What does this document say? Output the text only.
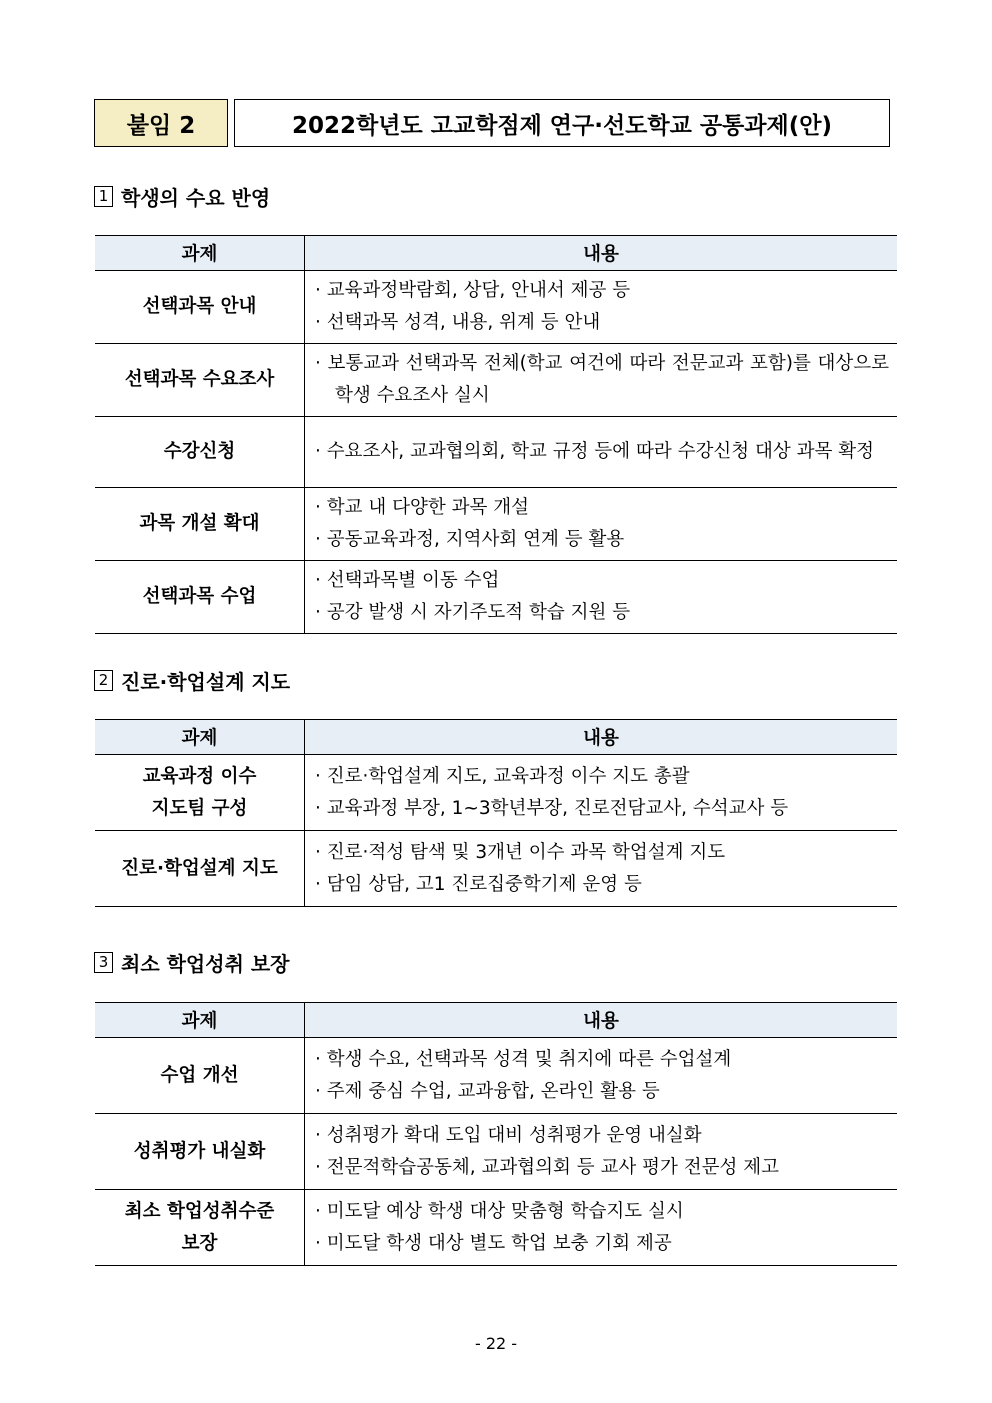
붙임 2	2022학년도 고교학점제 연구·선도학교 공통과제(안)
1 학생의 수요 반영
과제	내용
선택과목 안내	· 교육과정박람회, 상담, 안내서 제공 등
· 선택과목 성격, 내용, 위계 등 안내

선택과목 수요조사	· 보통교과 선택과목 전체(학교 여건에 따라 전문교과 포함)를 대상으로 학생 수요조사 실시

수강신청	· 수요조사, 교과협의회, 학교 규정 등에 따라 수강신청 대상 과목 확정

과목 개설 확대	· 학교 내 다양한 과목 개설
· 공동교육과정, 지역사회 연계 등 활용

선택과목 수업	· 선택과목별 이동 수업
· 공강 발생 시 자기주도적 학습 지원 등
2 진로·학업설계 지도
과제	내용

교육과정 이수
지도팀 구성	· 진로·학업설계 지도, 교육과정 이수 지도 총괄
· 교육과정 부장, 1~3학년부장, 진로전담교사, 수석교사 등

진로·학업설계 지도	· 진로·적성 탐색 및 3개년 이수 과목 학업설계 지도
· 담임 상담, 고1 진로집중학기제 운영 등
3 최소 학업성취 보장
과제	내용
수업 개선	· 학생 수요, 선택과목 성격 및 취지에 따른 수업설계
· 주제 중심 수업, 교과융합, 온라인 활용 등

성취평가 내실화	· 성취평가 확대 도입 대비 성취평가 운영 내실화
· 전문적학습공동체, 교과협의회 등 교사 평가 전문성 제고

최소 학업성취수준
보장	· 미도달 예상 학생 대상 맞춤형 학습지도 실시
· 미도달 학생 대상 별도 학업 보충 기회 제공
- 22 -
